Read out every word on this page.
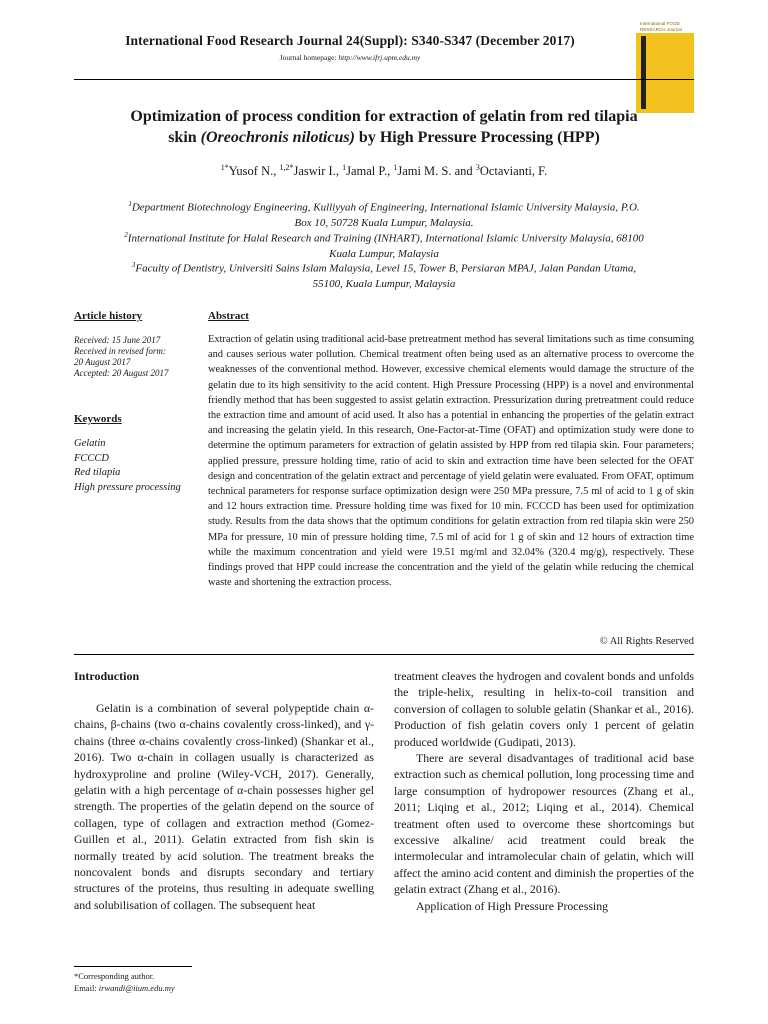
International Food Research Journal 24(Suppl): S340-S347 (December 2017)
Journal homepage: http://www.ifrj.upm.edu.my
International FOOD RESEARCH Journal
Optimization of process condition for extraction of gelatin from red tilapia
skin (Oreochronis niloticus) by High Pressure Processing (HPP)
$^{1*}$Yusof N., $^{1,2*}$Jaswir I., $^1$Jamal P., $^1$Jami M. S. and $^3$Octavianti, F.
$^1$Department Biotechnology Engineering, Kulliyyah of Engineering, International Islamic University Malaysia, P.O. Box 10, 50728 Kuala Lumpur, Malaysia.
$^2$International Institute for Halal Research and Training (INHART), International Islamic University Malaysia, 68100 Kuala Lumpur, Malaysia
$^3$Faculty of Dentistry, Universiti Sains Islam Malaysia, Level 15, Tower B, Persiaran MPAJ, Jalan Pandan Utama, 55100, Kuala Lumpur, Malaysia
Article history
Received: 15 June 2017
Received in revised form:
20 August 2017
Accepted: 20 August 2017
Keywords
Gelatin
FCCCD
Red tilapia
High pressure processing
Abstract
Extraction of gelatin using traditional acid-base pretreatment method has several limitations such as time consuming and causes serious water pollution. Chemical treatment often being used as an alternative process to overcome the weaknesses of the conventional method. However, excessive chemical elements would damage the structure of the gelatin due to its high sensitivity to the acid content. High Pressure Processing (HPP) is a novel and environmental friendly method that has been suggested to assist gelatin extraction. Pressurization during pretreatment could reduce the extraction time and amount of acid used. It also has a potential in enhancing the properties of the gelatin extract and increasing the gelatin yield. In this research, One-Factor-at-Time (OFAT) and optimization study were done to determine the optimum parameters for extraction of gelatin assisted by HPP from red tilapia skin. Four parameters; applied pressure, pressure holding time, ratio of acid to skin and extraction time have been selected for the OFAT design and concentration of the gelatin extract and percentage of yield gelatin were evaluated. From OFAT, optimum technical parameters for response surface optimization design were 250 MPa pressure, 7.5 ml of acid to 1 g of skin and 12 hours extraction time. Pressure holding time was fixed for 10 min. FCCCD has been used for optimization study. Results from the data shows that the optimum conditions for gelatin extraction from red tilapia skin were 250 MPa for pressure, 10 min of pressure holding time, 7.5 ml of acid for 1 g of skin and 12 hours of extraction time while the maximum concentration and yield were 19.51 mg/ml and 32.04% (320.4 mg/g), respectively. These findings proved that HPP could increase the concentration and the yield of the gelatin while reducing the chemical waste and shortening the extraction process.
© All Rights Reserved
Introduction

Gelatin is a combination of several polypeptide chain α-chains, β-chains (two α-chains covalently cross-linked), and γ-chains (three α-chains covalently cross-linked) (Shankar et al., 2016). Two α-chain in collagen usually is characterized as hydroxyproline and proline (Wiley-VCH, 2017). Generally, gelatin with a high percentage of α-chain possesses higher gel strength. The properties of the gelatin depend on the source of collagen, type of collagen and extraction method (Gomez-Guillen et al., 2011). Gelatin extracted from fish skin is normally treated by acid solution. The treatment breaks the noncovalent bonds and disrupts secondary and tertiary structures of the proteins, thus resulting in adequate swelling and solubilisation of collagen. The subsequent heat

treatment cleaves the hydrogen and covalent bonds and unfolds the triple-helix, resulting in helix-to-coil transition and conversion of collagen to soluble gelatin (Shankar et al., 2016). Production of fish gelatin covers only 1 percent of gelatin produced worldwide (Gudipati, 2013).

There are several disadvantages of traditional acid base extraction such as chemical pollution, long processing time and large consumption of hydropower resources (Zhang et al., 2011; Liqing et al., 2012; Liqing et al., 2014). Chemical treatment often used to overcome these shortcomings but excessive alkaline/ acid treatment could break the intermolecular and intramolecular chain of gelatin, which will affect the amino acid content and diminish the properties of the gelatin extract (Zhang et al., 2016).

Application of High Pressure Processing

*Corresponding author.
Email: irwandi@iium.edu.my
